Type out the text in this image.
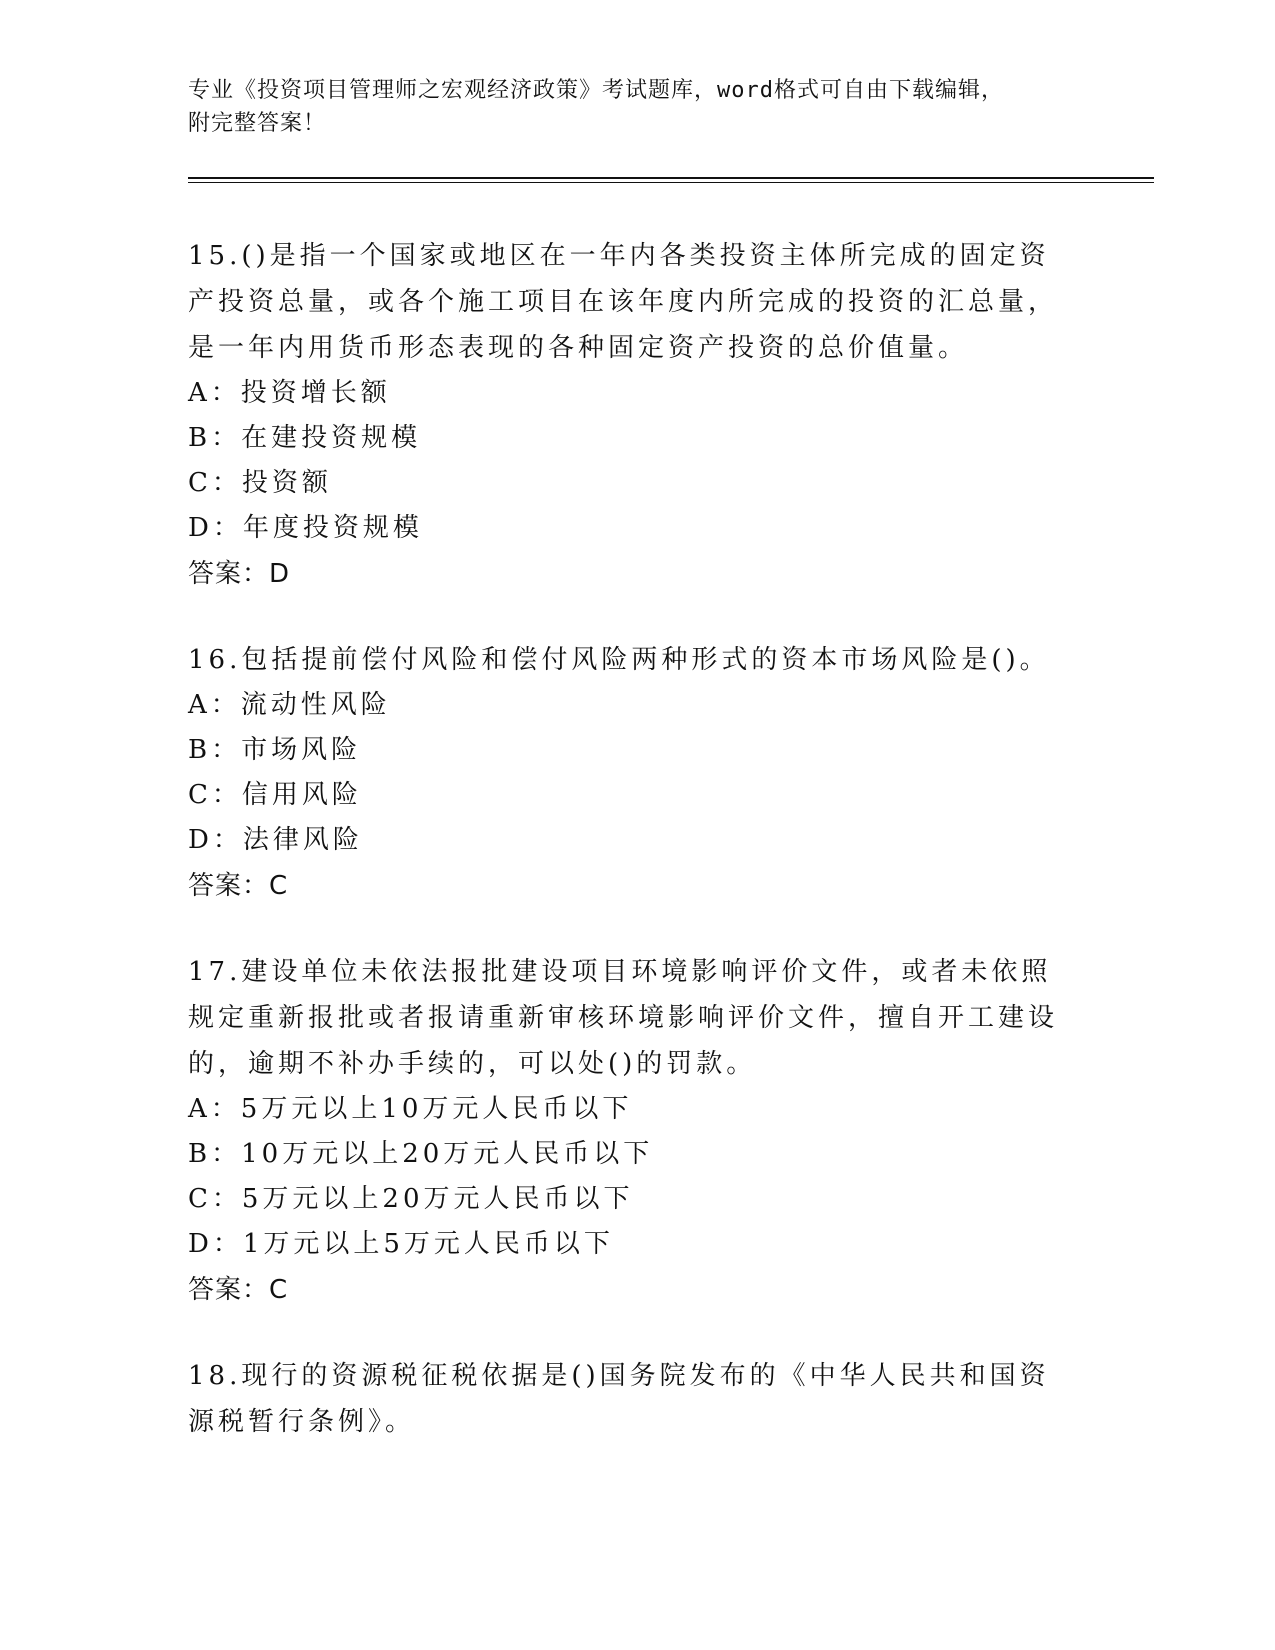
专业《投资项目管理师之宏观经济政策》考试题库，word格式可自由下载编辑，
附完整答案！
15.()是指一个国家或地区在一年内各类投资主体所完成的固定资产投资总量，或各个施工项目在该年度内所完成的投资的汇总量，是一年内用货币形态表现的各种固定资产投资的总价值量。
A：投资增长额
B：在建投资规模
C：投资额
D：年度投资规模
答案：D
16.包括提前偿付风险和偿付风险两种形式的资本市场风险是()。
A：流动性风险
B：市场风险
C：信用风险
D：法律风险
答案：C
17.建设单位未依法报批建设项目环境影响评价文件，或者未依照规定重新报批或者报请重新审核环境影响评价文件，擅自开工建设的，逾期不补办手续的，可以处()的罚款。
A：5万元以上10万元人民币以下
B：10万元以上20万元人民币以下
C：5万元以上20万元人民币以下
D：1万元以上5万元人民币以下
答案：C
18.现行的资源税征税依据是()国务院发布的《中华人民共和国资源税暂行条例》。
